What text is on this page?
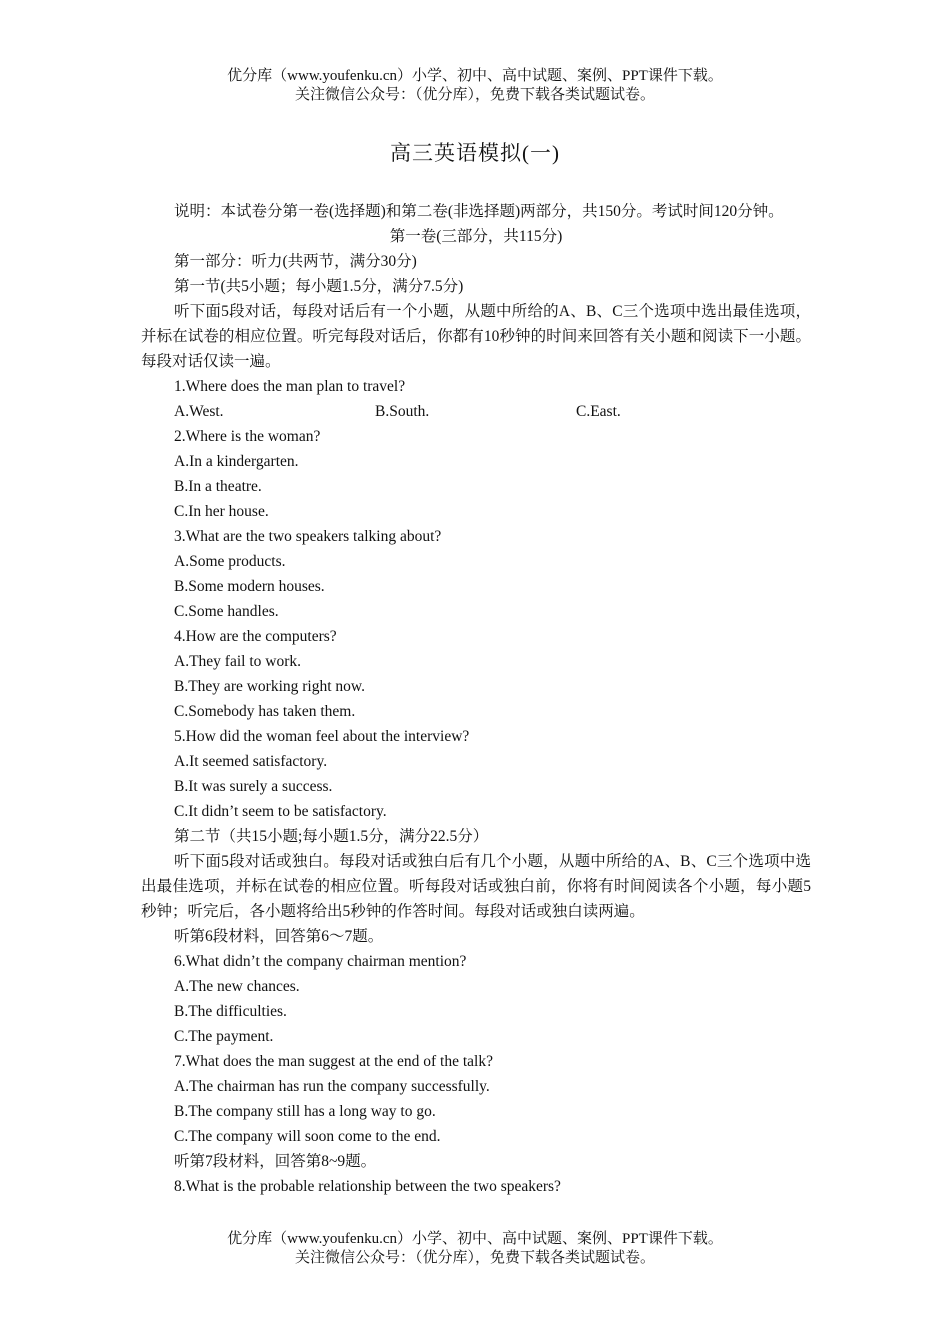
优分库（www.youfenku.cn）小学、初中、高中试题、案例、PPT课件下载。
关注微信公众号：（优分库），免费下载各类试题试卷。
高三英语模拟(一)

说明：本试卷分第一卷(选择题)和第二卷(非选择题)两部分，共150分。考试时间120分钟。

第一卷(三部分，共115分)

第一部分：听力(共两节，满分30分)

第一节(共5小题；每小题1.5分，满分7.5分)

听下面5段对话，每段对话后有一个小题，从题中所给的A、B、C三个选项中选出最佳选项，并标在试卷的相应位置。听完每段对话后，你都有10秒钟的时间来回答有关小题和阅读下一小题。每段对话仅读一遍。

1.Where does the man plan to travel?

A.West.	B.South.	C.East.

2.Where is the woman?

A.In a kindergarten.

B.In a theatre.

C.In her house.

3.What are the two speakers talking about?

A.Some products.

B.Some modern houses.

C.Some handles.

4.How are the computers?

A.They fail to work.

B.They are working right now.

C.Somebody has taken them.

5.How did the woman feel about the interview?

A.It seemed satisfactory.

B.It was surely a success.

C.It didn’t seem to be satisfactory.

第二节（共15小题;每小题1.5分，满分22.5分）

听下面5段对话或独白。每段对话或独白后有几个小题，从题中所给的A、B、C三个选项中选出最佳选项，并标在试卷的相应位置。听每段对话或独白前，你将有时间阅读各个小题，每小题5秒钟；听完后，各小题将给出5秒钟的作答时间。每段对话或独白读两遍。

听第6段材料，回答第6～7题。

6.What didn’t the company chairman mention?

A.The new chances.

B.The difficulties.

C.The payment.

7.What does the man suggest at the end of the talk?

A.The chairman has run the company successfully.

B.The company still has a long way to go.

C.The company will soon come to the end.

听第7段材料，回答第8~9题。

8.What is the probable relationship between the two speakers?

优分库（www.youfenku.cn）小学、初中、高中试题、案例、PPT课件下载。
关注微信公众号：（优分库），免费下载各类试题试卷。
